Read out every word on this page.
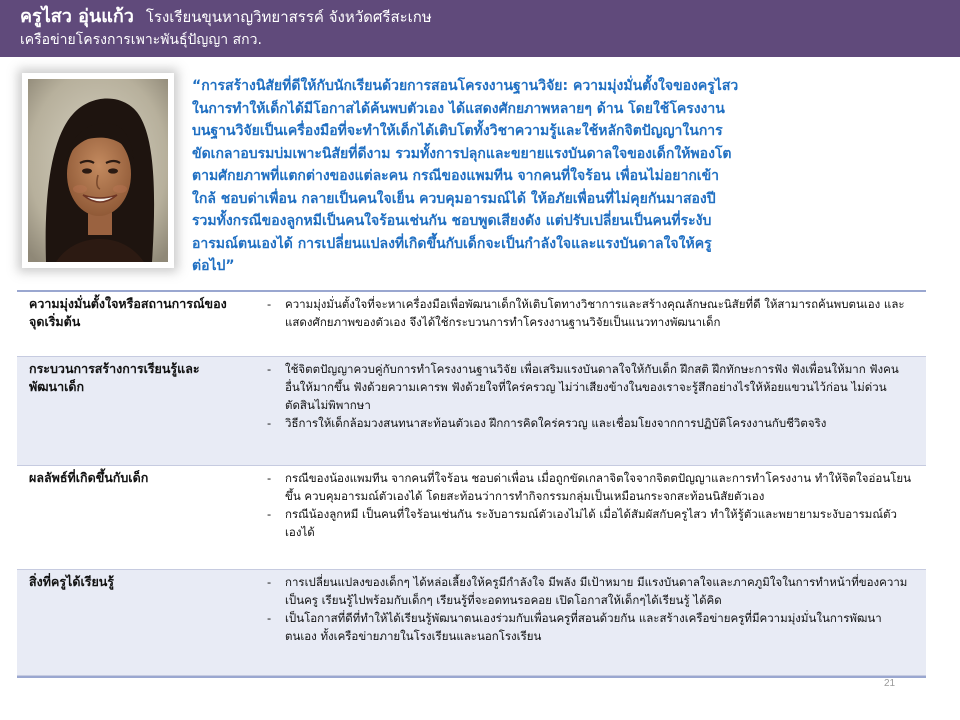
ครูไสว อุ่นแก้ว โรงเรียนขุนหาญวิทยาสรรค์ จังหวัดศรีสะเกษ
เครือข่ายโครงการเพาะพันธุ์ปัญญา สกว.
“การสร้างนิสัยที่ดีให้กับนักเรียนด้วยการสอนโครงงานฐานวิจัย: ความมุ่งมั่นตั้งใจของครูไสว
ในการทำให้เด็กได้มีโอกาสได้ค้นพบตัวเอง ได้แสดงศักยภาพหลายๆ ด้าน โดยใช้โครงงาน
บนฐานวิจัยเป็นเครื่องมือที่จะทำให้เด็กได้เติบโตทั้งวิชาความรู้และใช้หลักจิตปัญญาในการ
ขัดเกลาอบรมบ่มเพาะนิสัยที่ดีงาม รวมทั้งการปลุกและขยายแรงบันดาลใจของเด็กให้พองโต
ตามศักยภาพที่แตกต่างของแต่ละคน กรณีของแพมทีน จากคนที่ใจร้อน เพื่อนไม่อยากเข้า
ใกล้ ชอบด่าเพื่อน กลายเป็นคนใจเย็น ควบคุมอารมณ์ได้ ให้อภัยเพื่อนที่ไม่คุยกันมาสองปี
รวมทั้งกรณีของลูกหมีเป็นคนใจร้อนเช่นกัน ชอบพูดเสียงดัง แต่ปรับเปลี่ยนเป็นคนที่ระงับ
อารมณ์ตนเองได้ การเปลี่ยนแปลงที่เกิดขึ้นกับเด็กจะเป็นกำลังใจและแรงบันดาลใจให้ครู
ต่อไป”
ความมุ่งมั่นตั้งใจหรือสถานการณ์ของจุดเริ่มต้น
- ความมุ่งมั่นตั้งใจที่จะหาเครื่องมือเพื่อพัฒนาเด็กให้เติบโตทางวิชาการและสร้างคุณลักษณะนิสัยที่ดี ให้สามารถค้นพบตนเอง และแสดงศักยภาพของตัวเอง จึงได้ใช้กระบวนการทำโครงงานฐานวิจัยเป็นแนวทางพัฒนาเด็ก
กระบวนการสร้างการเรียนรู้และพัฒนาเด็ก
- ใช้จิตตปัญญาควบคู่กับการทำโครงงานฐานวิจัย เพื่อเสริมแรงบันดาลใจให้กับเด็ก ฝึกสติ ฝึกทักษะการฟัง ฟังเพื่อนให้มาก ฟังคนอื่นให้มากขึ้น ฟังด้วยความเคารพ ฟังด้วยใจที่ใคร่ครวญ ไม่ว่าเสียงข้างในของเราจะรู้สึกอย่างไรให้ห้อยแขวนไว้ก่อน ไม่ด่วนตัดสินไม่พิพากษา
- วิธีการให้เด็กล้อมวงสนทนาสะท้อนตัวเอง ฝึกการคิดใคร่ครวญ และเชื่อมโยงจากการปฏิบัติโครงงานกับชีวิตจริง
ผลลัพธ์ที่เกิดขึ้นกับเด็ก	- กรณีของน้องแพมทีน จากคนที่ใจร้อน ชอบด่าเพื่อน เมื่อถูกขัดเกลาจิตใจจากจิตตปัญญาและการทำโครงงาน ทำให้จิตใจอ่อนโยนขึ้น ควบคุมอารมณ์ตัวเองได้ โดยสะท้อนว่าการทำกิจกรรมกลุ่มเป็นเหมือนกระจกสะท้อนนิสัยตัวเอง
- กรณีน้องลูกหมี เป็นคนที่ใจร้อนเช่นกัน ระงับอารมณ์ตัวเองไม่ได้ เมื่อได้สัมผัสกับครูไสว ทำให้รู้ตัวและพยายามระงับอารมณ์ตัวเองได้
สิ่งที่ครูได้เรียนรู้	- การเปลี่ยนแปลงของเด็กๆ ได้หล่อเลี้ยงให้ครูมีกำลังใจ มีพลัง มีเป้าหมาย มีแรงบันดาลใจและภาคภูมิใจในการทำหน้าที่ของความเป็นครู เรียนรู้ไปพร้อมกับเด็กๆ เรียนรู้ที่จะอดทนรอคอย เปิดโอกาสให้เด็กๆได้เรียนรู้ ได้คิด
- เป็นโอกาสที่ดีที่ทำให้ได้เรียนรู้พัฒนาตนเองร่วมกับเพื่อนครูที่สอนด้วยกัน และสร้างเครือข่ายครูที่มีความมุ่งมั่นในการพัฒนาตนเอง ทั้งเครือข่ายภายในโรงเรียนและนอกโรงเรียน
21
